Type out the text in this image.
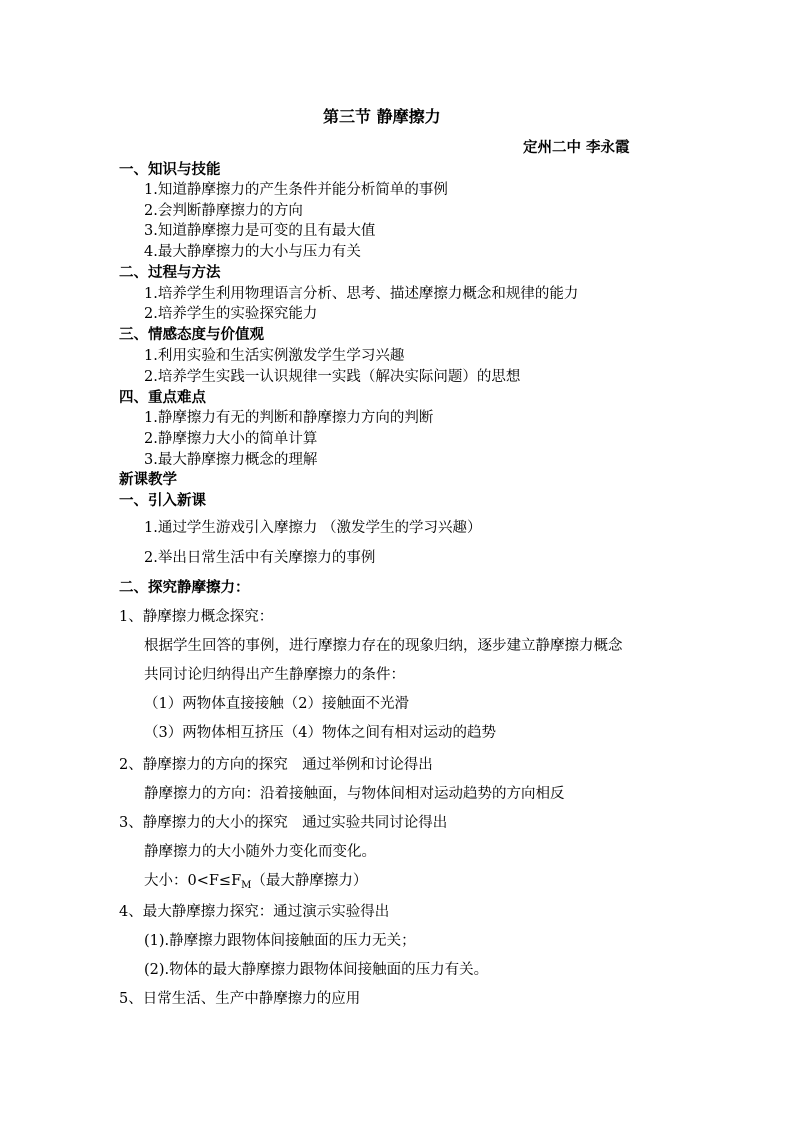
第三节 静摩擦力
定州二中 李永霞
一、知识与技能
1.知道静摩擦力的产生条件并能分析简单的事例
2.会判断静摩擦力的方向
3.知道静摩擦力是可变的且有最大值
4.最大静摩擦力的大小与压力有关
二、过程与方法
1.培养学生利用物理语言分析、思考、描述摩擦力概念和规律的能力
2.培养学生的实验探究能力
三、情感态度与价值观
1.利用实验和生活实例激发学生学习兴趣
2.培养学生实践一认识规律一实践（解决实际问题）的思想
四、重点难点
1.静摩擦力有无的判断和静摩擦力方向的判断
2.静摩擦力大小的简单计算
3.最大静摩擦力概念的理解
新课教学
一、引入新课
1.通过学生游戏引入摩擦力 （激发学生的学习兴趣）
2.举出日常生活中有关摩擦力的事例
二、探究静摩擦力：
1、静摩擦力概念探究：
根据学生回答的事例，进行摩擦力存在的现象归纳，逐步建立静摩擦力概念
共同讨论归纳得出产生静摩擦力的条件：
（1）两物体直接接触（2）接触面不光滑
（3）两物体相互挤压（4）物体之间有相对运动的趋势
2、静摩擦力的方向的探究　通过举例和讨论得出
静摩擦力的方向：沿着接触面，与物体间相对运动趋势的方向相反
3、静摩擦力的大小的探究　通过实验共同讨论得出
静摩擦力的大小随外力变化而变化。
大小：$0<F\le F_M$（最大静摩擦力）
4、最大静摩擦力探究：通过演示实验得出
(1).静摩擦力跟物体间接触面的压力无关；
(2).物体的最大静摩擦力跟物体间接触面的压力有关。
5、日常生活、生产中静摩擦力的应用
